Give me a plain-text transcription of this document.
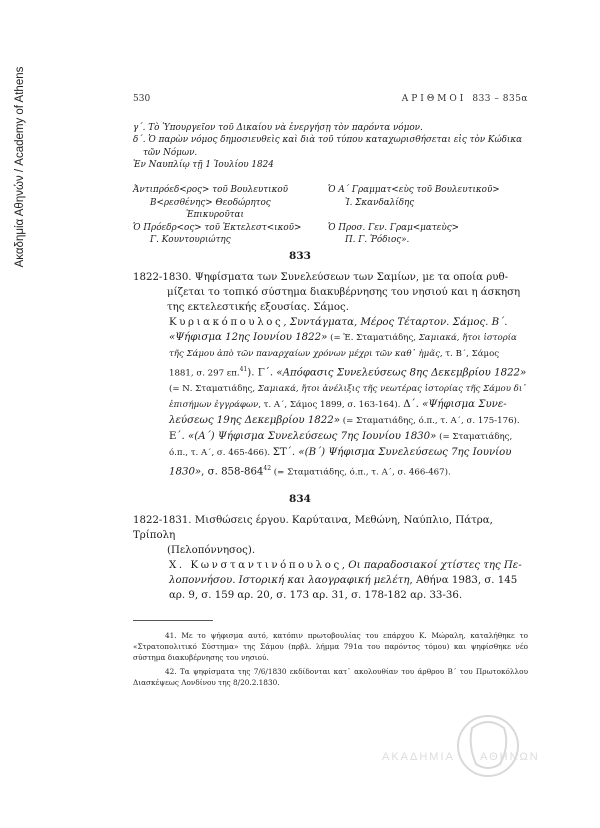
Ακαδημία Αθηνών / Academy of Athens	530	ΑΡΙΘΜΟΙ 833 – 835α
γ΄. Τὸ Ὑπουργεῖον τοῦ Δικαίου νὰ ἐνεργήσῃ τὸν παρόντα νόμον.
δ΄. Ὁ παρὼν νόμος δημοσιευθεὶς καὶ διὰ τοῦ τύπου καταχωρισθήσεται εἰς τὸν Κώδικα
τῶν Νόμων.
Ἐν Ναυπλίῳ τῇ 1 Ἰουλίου 1824
Ἀντιπρόεδ<ρος> τοῦ Βουλευτικοῦ
Β<ρεσθένης> Θεοδώρητος
Ἐπικυροῦται
Ὁ Πρόεδρ<ος> τοῦ Ἐκτελεστ<ικοῦ>
Γ. Κουντουριώτης
Ὁ Α΄ Γραμματ<εὺς τοῦ Βουλευτικοῦ>
Ἰ. Σκανδαλίδης
Ὁ Προσ. Γεν. Γραμ<ματεὺς>
Π. Γ. Ῥόδιος».
833
1822-1830. Ψηφίσματα των Συνελεύσεων των Σαμίων, με τα οποία ρυθ-
μίζεται το τοπικό σύστημα διακυβέρνησης του νησιού και η άσκηση
της εκτελεστικής εξουσίας. Σάμος.
Κυριακόπουλος, Συντάγματα, Μέρος Τέταρτον. Σάμος. Β΄.
«Ψήφισμα 12ης Ιουνίου 1822» (= Ἐ. Σταματιάδης, Σαμιακά, ἤτοι ἱστορία
τῆς Σάμου ἀπὸ τῶν παναρχαίων χρόνων μέχρι τῶν καθ᾽ ἡμᾶς, τ. Β΄, Σάμος
1881, σ. 297 επ.$^{41}$). Γ΄. «Απόφασις Συνελεύσεως 8ης Δεκεμβρίου 1822»
(= Ν. Σταματιάδης, Σαμιακά, ἤτοι ἀνέλιξις τῆς νεωτέρας ἱστορίας τῆς Σάμου δι᾽
ἐπισήμων ἐγγράφων, τ. Α΄, Σάμος 1899, σ. 163-164). Δ΄. «Ψήφισμα Συνε-
λεύσεως 19ης Δεκεμβρίου 1822» (= Σταματιάδης, ό.π., τ. Α΄, σ. 175-176).
Ε΄. «(Α΄) Ψήφισμα Συνελεύσεως 7ης Ιουνίου 1830» (= Σταματιάδης,
ό.π., τ. Α΄, σ. 465-466). ΣΤ΄. «(Β΄) Ψήφισμα Συνελεύσεως 7ης Ιουνίου
1830», σ. $858-864^{42}$ (= Σταματιάδης, ό.π., τ. Α΄, σ. 466-467).
834
1822-1831. Μισθώσεις έργου. Καρύταινα, Μεθώνη, Ναύπλιο, Πάτρα, Τρίπολη
(Πελοπόννησος).
Χ. Κωνσταντινόπουλος, Οι παραδοσιακοί χτίστες της Πε-
λοποννήσου. Ιστορική και λαογραφική μελέτη, Αθήνα 1983, σ. 145
αρ. 9, σ. 159 αρ. 20, σ. 173 αρ. 31, σ. 178-182 αρ. 33-36.
41. Με το ψήφισμα αυτό, κατόπιν πρωτοβουλίας του επάρχου Κ. Μώραλη, καταλήθηκε το «Στρατοπολιτικό Σύστημα» της Σάμου (πρβλ. λήμμα 791α του παρόντος τόμου) και ψηφίσθηκε νέο σύστημα διακυβέρνησης του νησιού.
42. Τα ψηφίσματα της 7/6/1830 εκδίδονται κατ᾽ ακολουθίαν του άρθρου Β΄ του Πρωτοκόλλου Διασκέψεως Λονδίνου της 8/20.2.1830.
ΑΚΑΔΗΜΙΑ ΑΘΗΝΩΝ
